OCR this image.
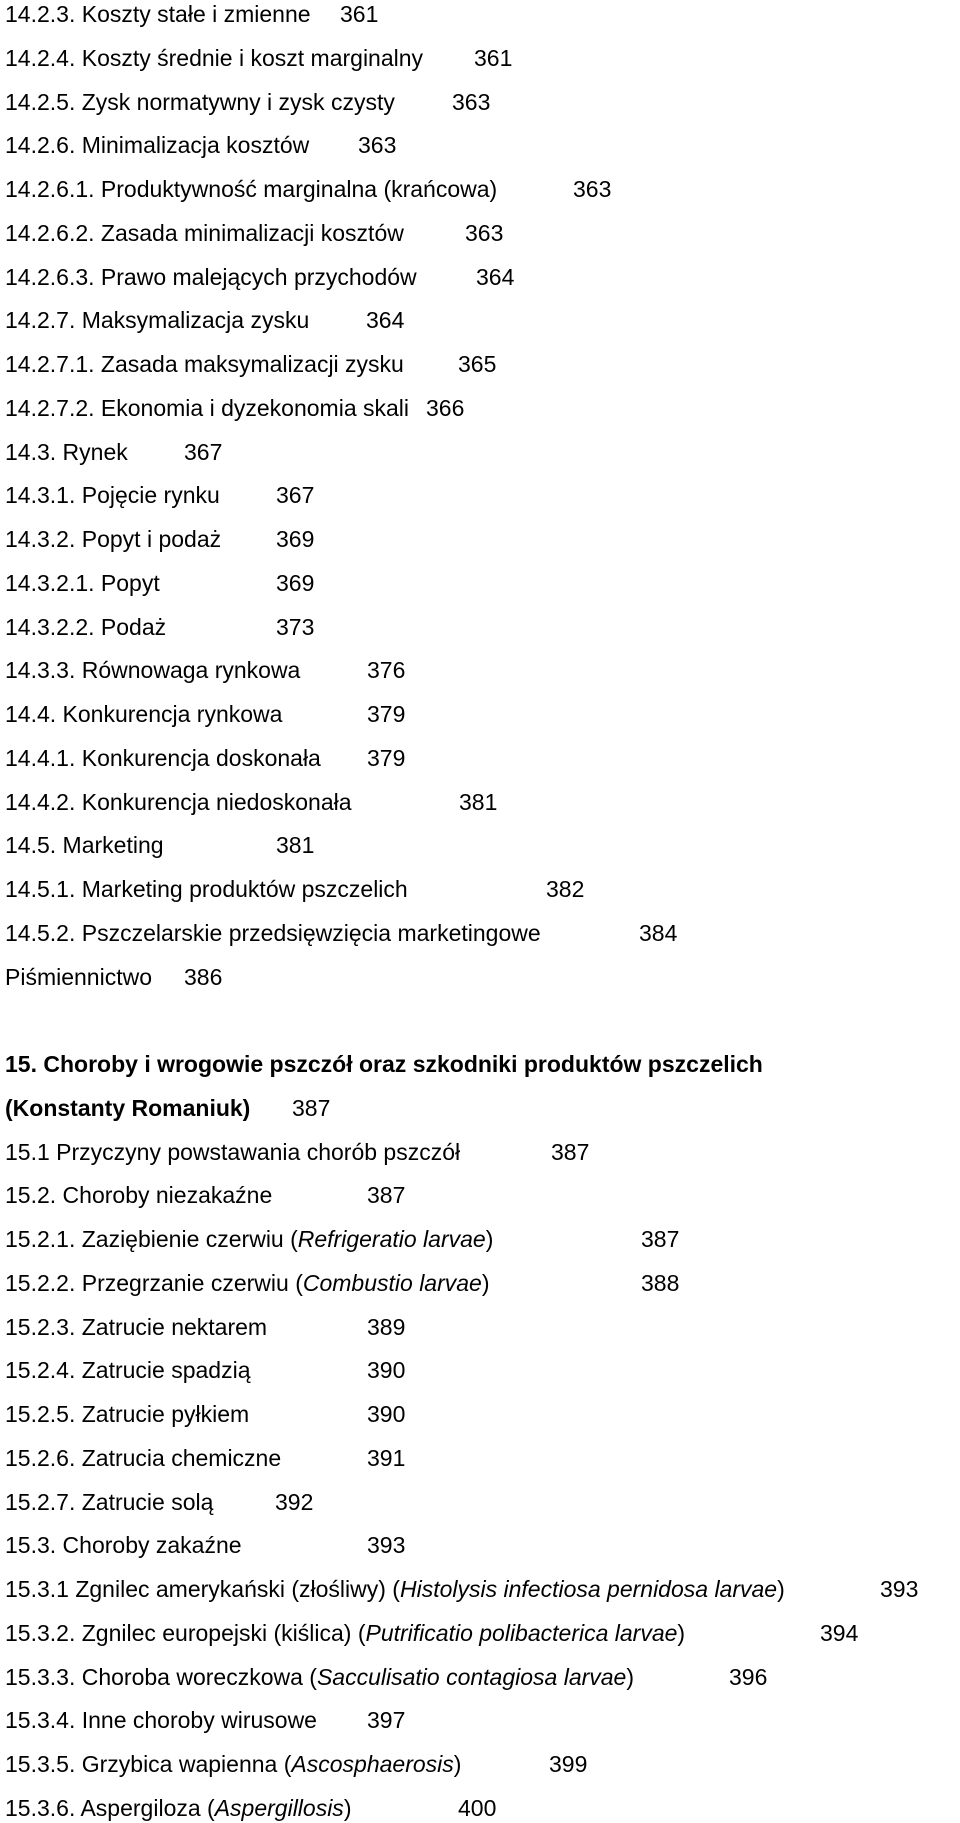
14.2.3. Koszty stałe i zmienne 361
14.2.4. Koszty średnie i koszt marginalny 361
14.2.5. Zysk normatywny i zysk czysty 363
14.2.6. Minimalizacja kosztów 363
14.2.6.1. Produktywność marginalna (krańcowa)	363
14.2.6.2. Zasada minimalizacji kosztów	363
14.2.6.3. Prawo malejących przychodów	364
14.2.7. Maksymalizacja zysku 364
14.2.7.1. Zasada maksymalizacji zysku 365
14.2.7.2. Ekonomia i dyzekonomia skali 366
14.3. Rynek 367
14.3.1. Pojęcie rynku 367
14.3.2. Popyt i podaż 369
14.3.2.1. Popyt	369
14.3.2.2. Podaż	373
14.3.3. Równowaga rynkowa	376
14.4. Konkurencja rynkowa	379
14.4.1. Konkurencja doskonała 379
14.4.2. Konkurencja niedoskonała	381
14.5. Marketing	381
14.5.1. Marketing produktów pszczelich	382
14.5.2. Pszczelarskie przedsięwzięcia marketingowe	384
Piśmiennictwo 386
15. Choroby i wrogowie pszczół oraz szkodniki produktów pszczelich
(Konstanty Romaniuk) 387
15.1 Przyczyny powstawania chorób pszczół	387
15.2. Choroby niezakaźne	387
15.2.1. Zaziębienie czerwiu (Refrigeratio larvae)	387
15.2.2. Przegrzanie czerwiu (Combustio larvae)	388
15.2.3. Zatrucie nektarem	389
15.2.4. Zatrucie spadzią	390
15.2.5. Zatrucie pyłkiem	390
15.2.6. Zatrucia chemiczne	391
15.2.7. Zatrucie solą	392
15.3. Choroby zakaźne	393
15.3.1 Zgnilec amerykański (złośliwy) (Histolysis infectiosa pernidosa larvae)	393
15.3.2. Zgnilec europejski (kiślica) (Putrificatio polibacterica larvae)	394
15.3.3. Choroba woreczkowa (Sacculisatio contagiosa larvae)	396
15.3.4. Inne choroby wirusowe 397
15.3.5. Grzybica wapienna (Ascosphaerosis)	399
15.3.6. Aspergiloza (Aspergillosis)	400
